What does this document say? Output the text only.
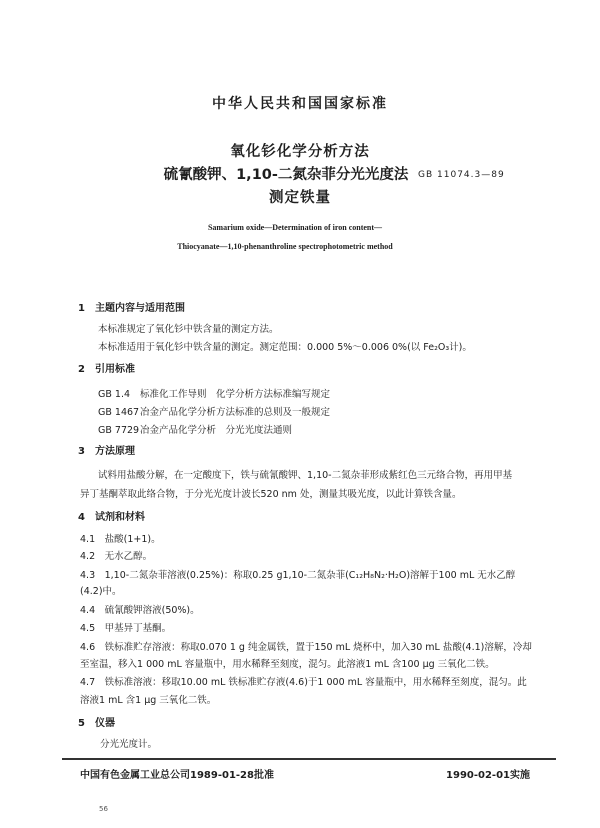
中华人民共和国国家标准
氧化钐化学分析方法
硫氰酸钾、1,10-二氮杂菲分光光度法
测定铁量
GB 11074.3—89
Samarium oxide—Determination of iron content—
Thiocyanate—1,10-phenanthroline spectrophotometric method
1　主题内容与适用范围
本标准规定了氧化钐中铁含量的测定方法。
本标准适用于氧化钐中铁含量的测定。测定范围：0.000 5%～0.006 0%(以 Fe₂O₃计)。
2　引用标准
GB 1.4 标准化工作导则　化学分析方法标准编写规定
GB 1467冶金产品化学分析方法标准的总则及一般规定
GB 7729冶金产品化学分析　分光光度法通则
3　方法原理
试料用盐酸分解，在一定酸度下，铁与硫氰酸钾、1,10-二氮杂菲形成紫红色三元络合物，再用甲基
异丁基酮萃取此络合物，于分光光度计波长520 nm 处，测量其吸光度，以此计算铁含量。
4　试剂和材料
4.1　盐酸(1+1)。
4.2　无水乙醇。
4.3　1,10-二氮杂菲溶液(0.25%)：称取0.25 g1,10-二氮杂菲(C₁₂H₈N₂·H₂O)溶解于100 mL 无水乙醇
(4.2)中。
4.4　硫氰酸钾溶液(50%)。
4.5　甲基异丁基酮。
4.6　铁标准贮存溶液：称取0.070 1 g 纯金属铁，置于150 mL 烧杯中，加入30 mL 盐酸(4.1)溶解，冷却
至室温，移入1 000 mL 容量瓶中，用水稀释至刻度，混匀。此溶液1 mL 含100 μg 三氧化二铁。
4.7　铁标准溶液：移取10.00 mL 铁标准贮存液(4.6)于1 000 mL 容量瓶中，用水稀释至刻度，混匀。此
溶液1 mL 含1 μg 三氧化二铁。
5　仪器
分光光度计。
中国有色金属工业总公司1989-01-28批准	1990-02-01实施
56
